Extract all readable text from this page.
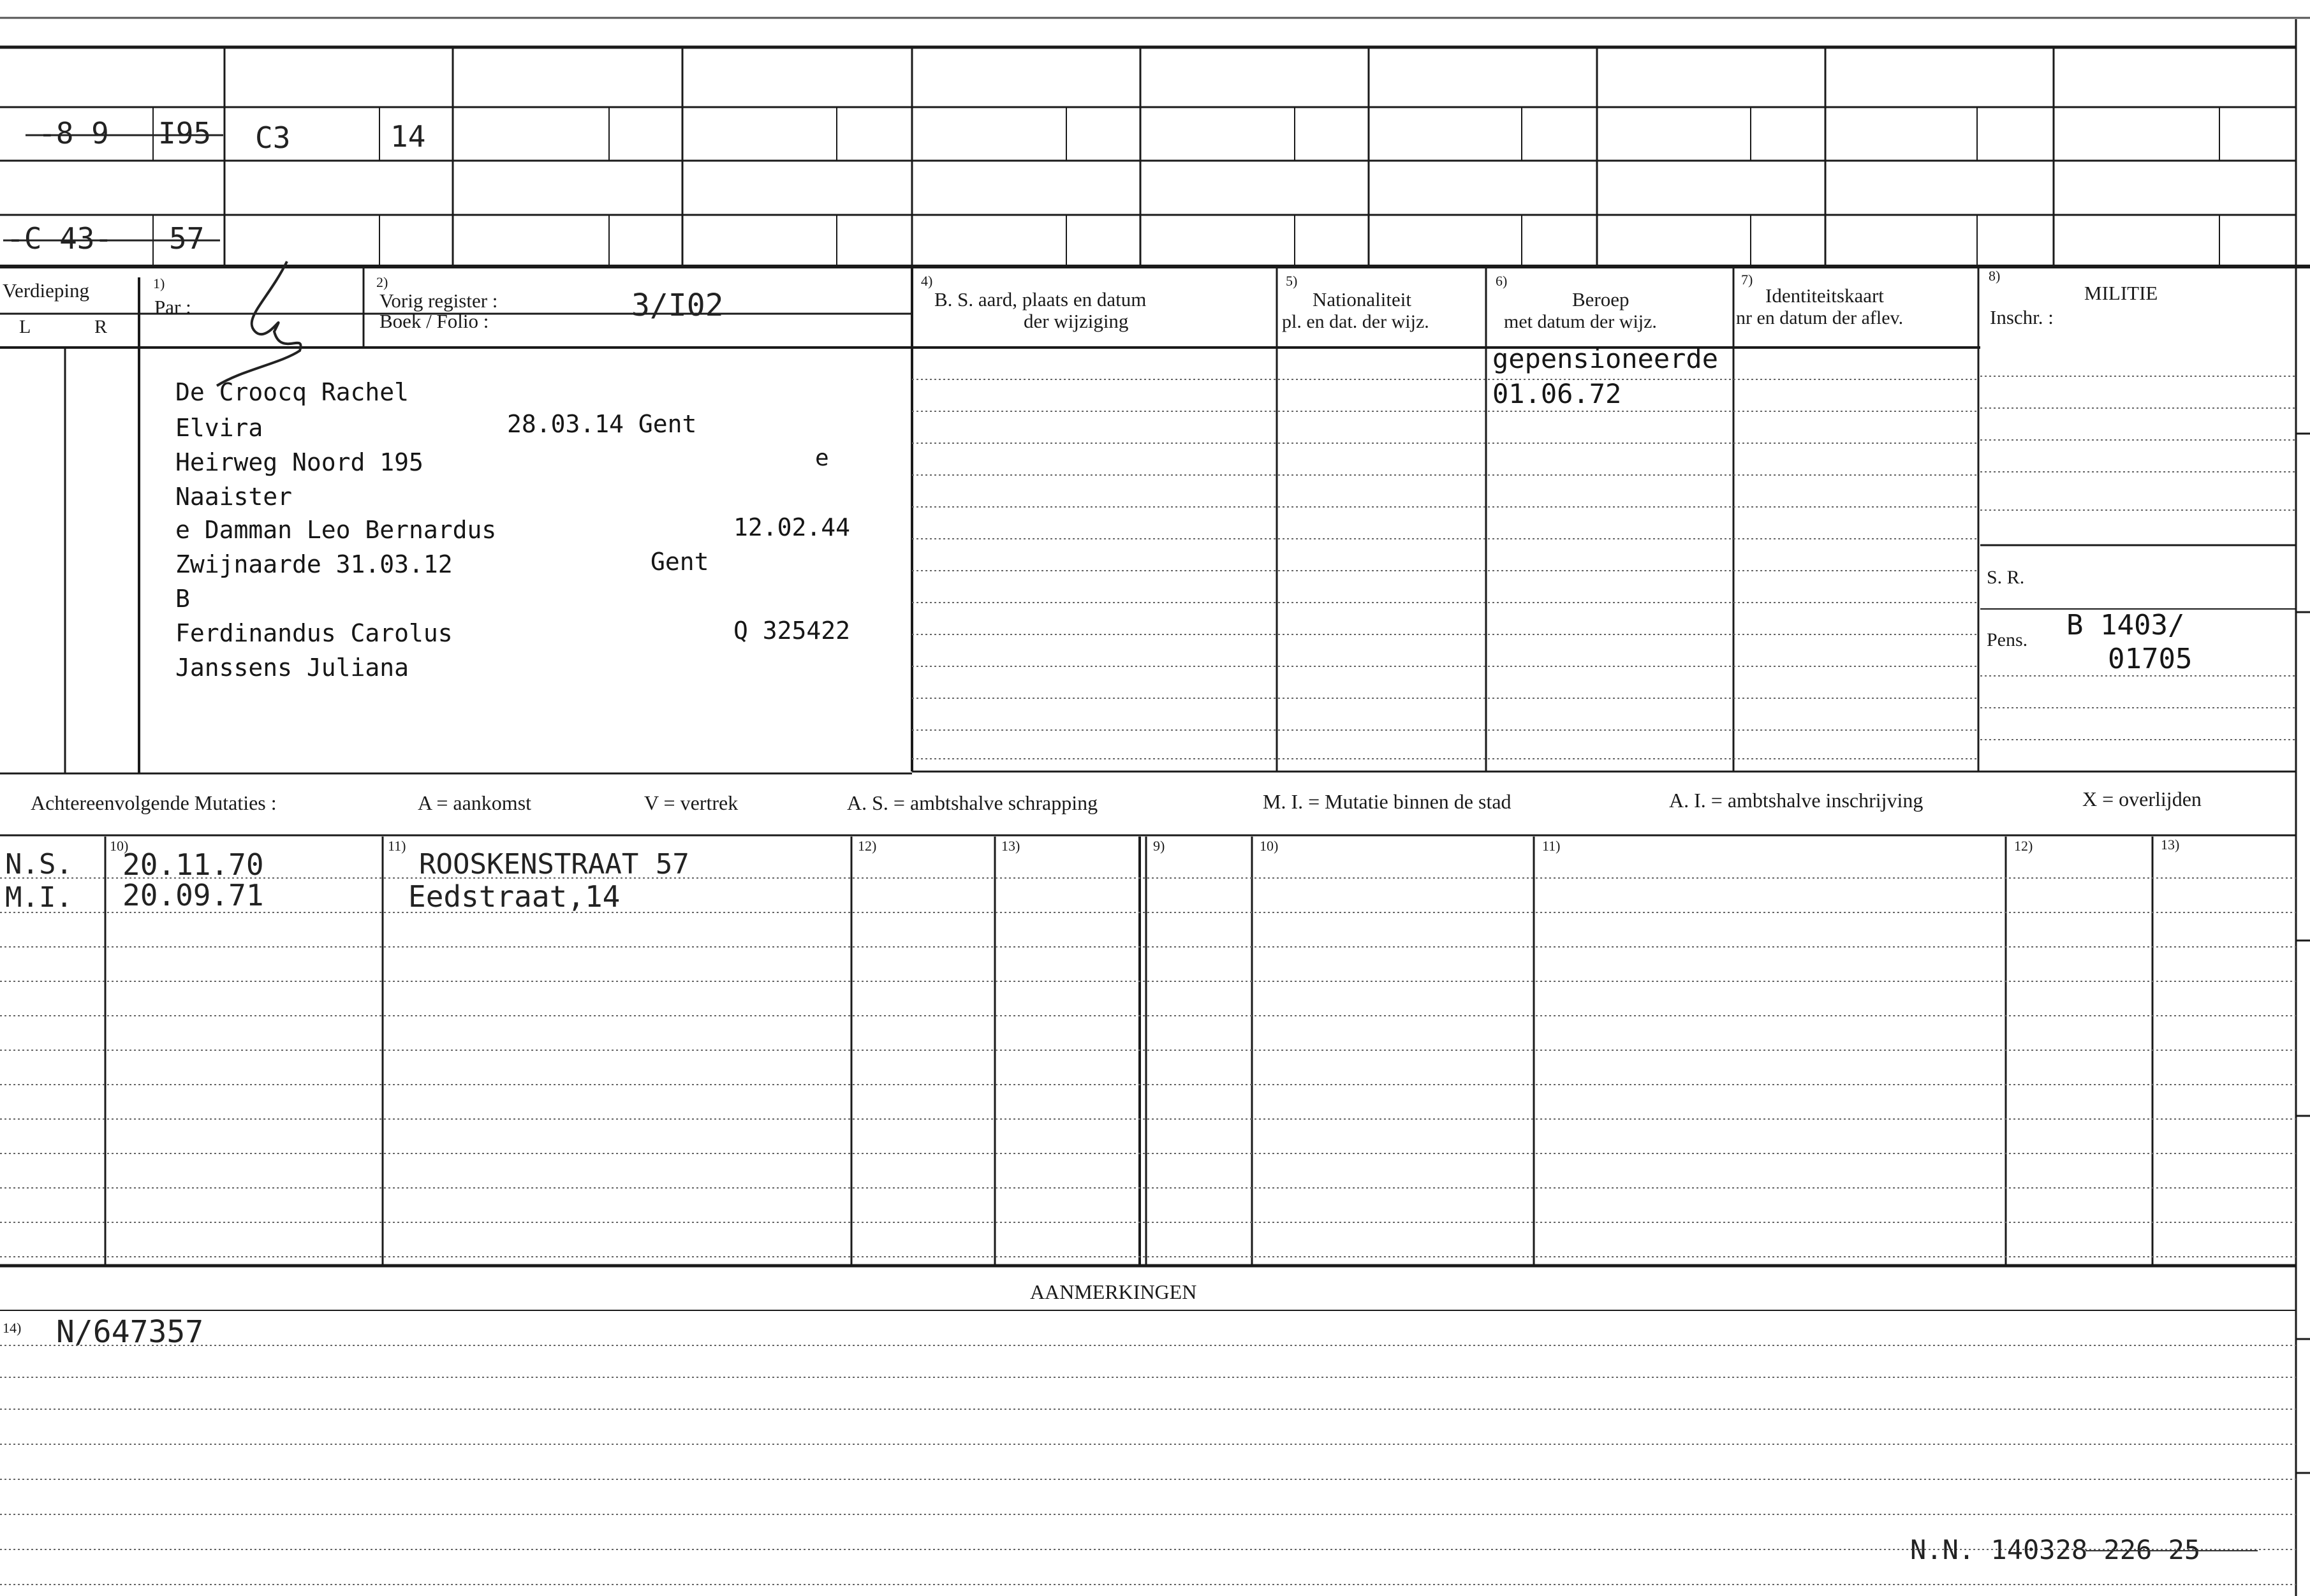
-8 9 I95 C3	14
-C 43- 57
Verdieping
L	R
1)
Par :
2)
Vorig register :
Boek / Folio :	3/I02
4)
B. S. aard, plaats en datum
der wijziging
5)
Nationaliteit
pl. en dat. der wijz.
6)
Beroep
met datum der wijz.
7)
Identiteitskaart
nr en datum der aflev.
8)
MILITIE
Inschr. :
De Croocq Rachel
Elvira	28.03.14 Gent
Heirweg Noord 195	e
Naaister
e Damman Leo Bernardus	12.02.44
Zwijnaarde 31.03.12	Gent
B
Ferdinandus Carolus	Q 325422
Janssens Juliana
gepensioneerde
01.06.72
S. R.
Pens. B 1403/
01705
Achtereenvolgende Mutaties :	A = aankomst	V = vertrek	A. S. = ambtshalve schrapping	M. I. = Mutatie binnen de stad	A. I. = ambtshalve inschrijving	X = overlijden
10)	11)	12)	13)	9)	10)	11)	12)	13)
N.S. 20.11.70	ROOSKENSTRAAT 57
M.I. 20.09.71	Eedstraat,14
AANMERKINGEN
14) N/647357
N.N. 140328 226 25
